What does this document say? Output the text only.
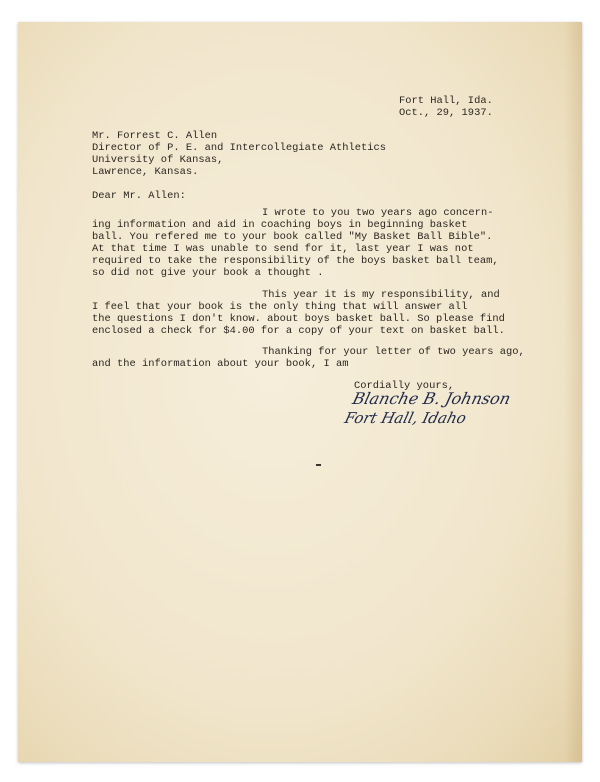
Fort Hall, Ida.

Oct., 29, 1937.

Mr. Forrest C. Allen

Director of P. E. and Intercollegiate Athletics

University of Kansas,

Lawrence, Kansas.

Dear Mr. Allen:

I wrote to you two years ago concern-

ing information and aid in coaching boys in beginning basket

ball. You refered me to your book called "My Basket Ball Bible".

At that time I was unable to send for it, last year I was not

required to take the responsibility of the boys basket ball team,

so did not give your book a thought .

This year it is my responsibility, and

I feel that your book is the only thing that will answer all

the questions I don't know. about boys basket ball. So please find

enclosed a check for $4.00 for a copy of your text on basket ball.

Thanking for your letter of two years ago,

and the information about your book, I am

Cordially yours,

Blanche B. Johnson

Fort Hall, Idaho
